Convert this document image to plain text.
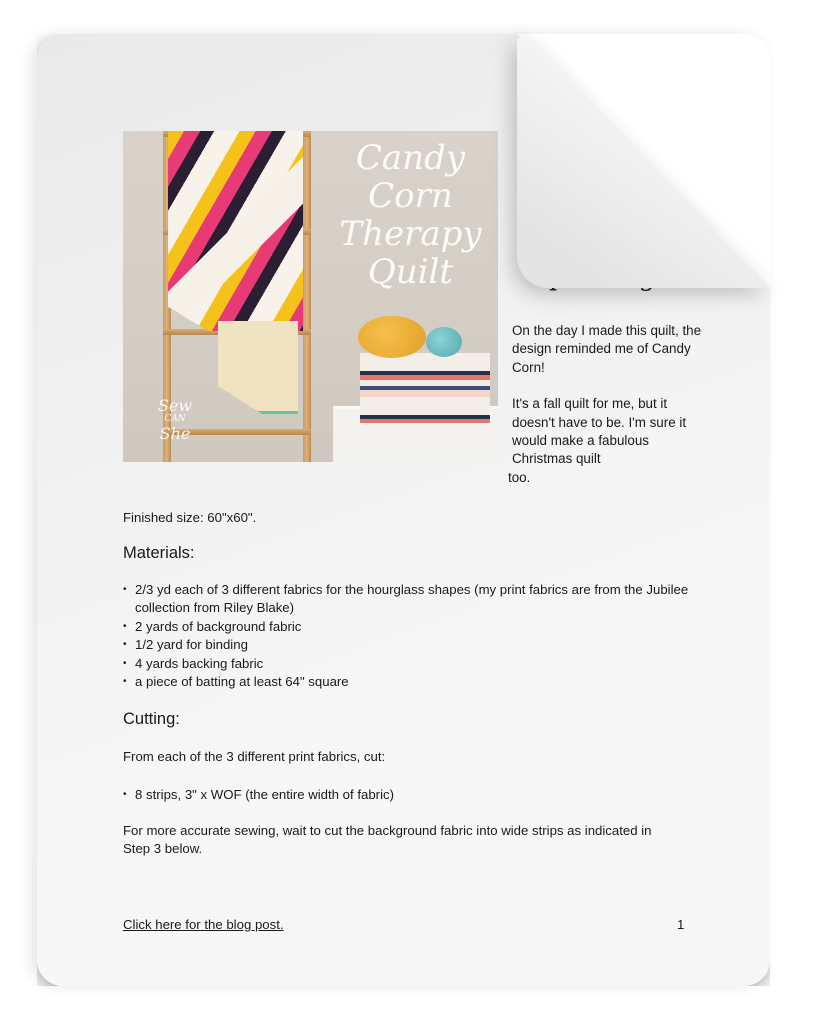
Candy
Corn
Therapy
Quilt
Sew
CAN
She

On the day I made this quilt, the design reminded me of Candy Corn!

It's a fall quilt for me, but it doesn't have to be. I'm sure it would make a fabulous Christmas quilt

too.

Finished size: 60"x60".
Materials:
• 2/3 yd each of 3 different fabrics for the hourglass shapes (my print fabrics are from the Jubilee collection from Riley Blake)
• 2 yards of background fabric
• 1/2 yard for binding
• 4 yards backing fabric
• a piece of batting at least 64" square
Cutting:
From each of the 3 different print fabrics, cut:
• 8 strips, 3" x WOF (the entire width of fabric)
For more accurate sewing, wait to cut the background fabric into wide strips as indicated in Step 3 below.
Click here for the blog post.	1
